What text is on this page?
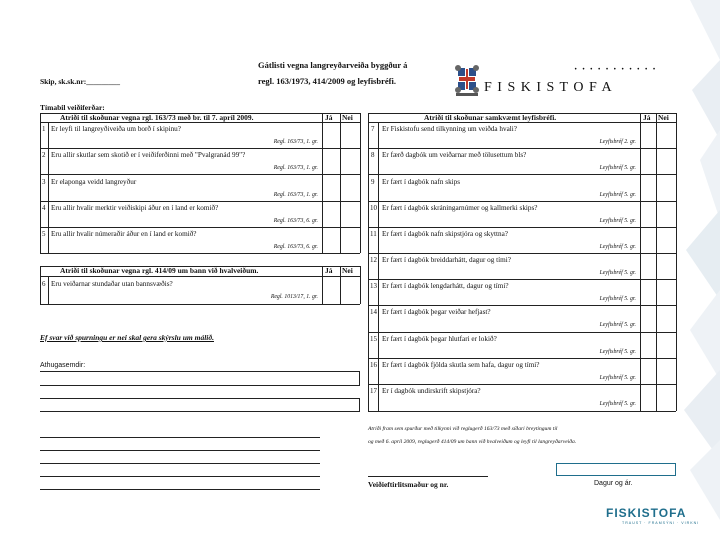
Gátlisti vegna langreyðarveiða byggður á
regl. 163/1973, 414/2009 og leyfisbréfi.
Skip, sk.sk.nr:_________
Tímabil veiðiferðar:
· · · · · · · · · · ·
F I S K I S T O F A
Atriði til skoðunar vegna rgl. 163/73 með br. til 7. apríl 2009.	Já Nei
1 Er leyfi til langreyðiveiða um borð í skipinu?
Regl. 163/73, 1. gr.
2 Eru allir skutlar sem skotið er í veiðiferðinni með "Pvalgranád 99"?
Regl. 163/73, 1. gr.
3 Er elaponga veidd langreyður
Regl. 163/73, 1. gr.
4 Eru allir hvalir merktir veiðiskipi áður en í land er komið?
Regl. 163/73, 6. gr.
5 Eru allir hvalir númeraðir áður en í land er komið?
Regl. 163/73, 6. gr.
Atriði til skoðunar vegna rgl. 414/09 um bann við hvalveiðum.	Já Nei
6 Eru veiðarnar stundaðar utan bannsvæðis?
Regl. 1013/17, 1. gr.
Ef svar við spurningu er nei skal gera skýrslu um málið.
Athugasemdir:
Atriði til skoðunar samkvæmt leyfisbréfi.	Já Nei
7 Er Fiskistofu send tilkynning um veiðda hvali?
Leyfisbréf 2. gr.
8 Er færð dagbók um veiðarnar með tölusettum bls?
Leyfisbréf 5. gr.
9 Er fært í dagbók nafn skips
Leyfisbréf 5. gr.
10 Er fært í dagbók skráningarnúmer og kallmerki skips?
Leyfisbréf 5. gr.
11 Er fært í dagbók nafn skipstjóra og skyttna?
Leyfisbréf 5. gr.
12 Er fært í dagbók breiddarhátt, dagur og tími?
Leyfisbréf 5. gr.
13 Er fært í dagbók lengdarhátt, dagur og tími?
Leyfisbréf 5. gr.
14 Er fært í dagbók þegar veiðar hefjast?
Leyfisbréf 5. gr.
15 Er fært í dagbók þegar hlutfari er lokið?
Leyfisbréf 5. gr.
16 Er fært í dagbók fjölda skutla sem hafa, dagur og tími?
Leyfisbréf 5. gr.
17 Er í dagbók undirskrift skipstjóra?
Leyfisbréf 5. gr.
Atriði fram sem spurður með tilkynni við reglugerð 163/73 með síðari breytingum til
og með 6. apríl 2009, reglugerð 414/09 um bann við hvalveiðum og leyfi til langreyðarveiða.
Veiðieftirlitsmaður og nr.	Dagur og ár.
FISKISTOFA
TRAUST · FRAMSÝNI · VIRKNI
